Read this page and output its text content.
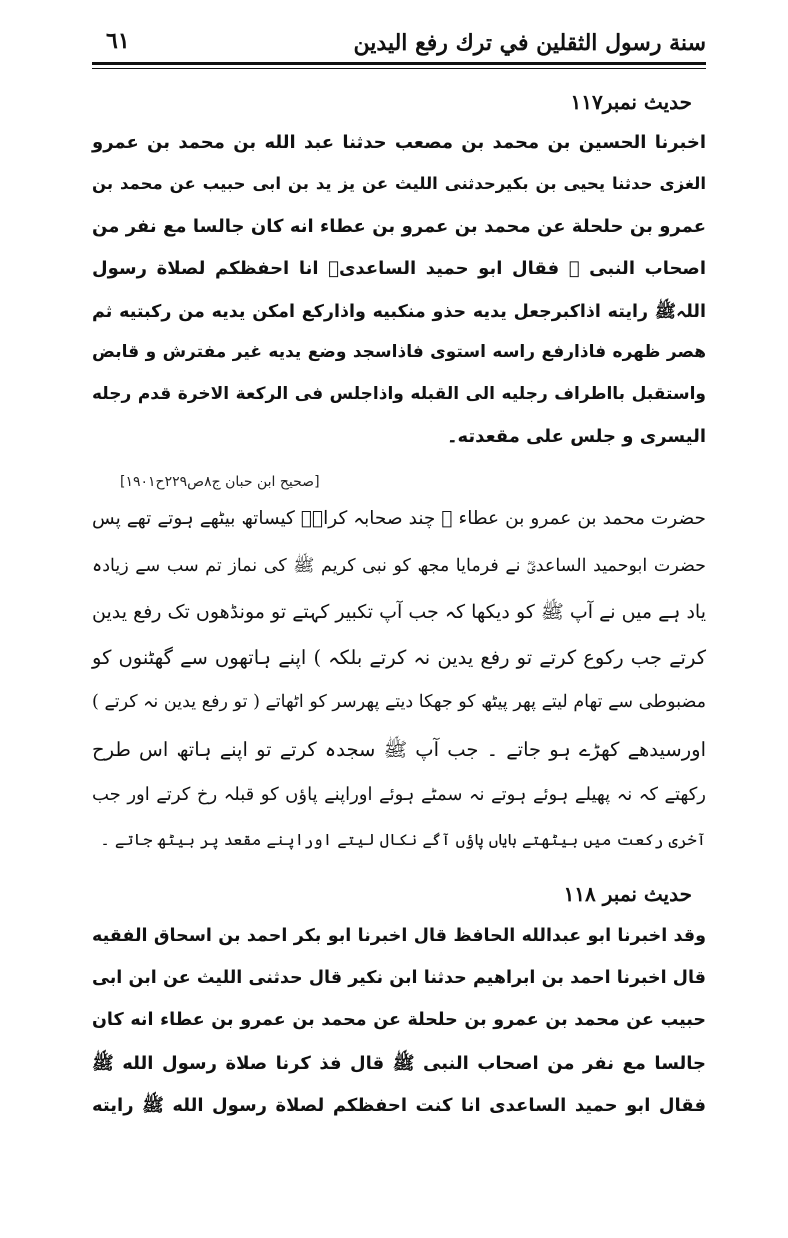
سنة رسول الثقلين في ترك رفع اليدين
٦١
حدیث نمبر۱۱۷
اخبرنا الحسين بن محمد بن مصعب حدثنا عبد الله بن محمد بن عمرو
الغزی حدثنا یحیی بن بکیرحدثنی اللیث عن یز ید بن ابی حبیب عن محمد بن
عمرو بن حلحلة عن محمد بن عمرو بن عطاء انه كان جالسا مع نفر من
اصحاب النبی ﷺ فقال ابو حمید الساعدیؓ انا احفظکم لصلاة رسول
اللہﷺ رایته اذاکبرجعل یدیه حذو منکبیه واذارکع امکن یدیه من رکبتیه ثم
هصر ظهره فاذارفع راسه استوی فاذاسجد وضع یدیه غیر مفترش و قابض
واستقبل بااطراف رجلیه الی القبله واذاجلس فی الرکعة الاخرة قدم رجله
الیسری و جلس علی مقعدته۔
[صحیح ابن حبان ج۸ص۲۲۹ح۱۹۰۱]
حضرت محمد بن عمرو بن عطاء ؒ چند صحابہ کرامؓ کیساتھ بیٹھے ہوتے تھے پس
حضرت ابوحمید الساعدیؓ نے فرمایا مجھ کو نبی کریم ﷺ کی نماز تم سب سے زیادہ
یاد ہے میں نے آپ ﷺ کو دیکھا کہ جب آپ تکبیر کہتے تو مونڈھوں تک رفع یدین
کرتے جب رکوع کرتے تو رفع یدین نہ کرتے بلکہ ) اپنے ہاتھوں سے گھٹنوں کو
مضبوطی سے تھام لیتے پھر پیٹھ کو جھکا دیتے پھرسر کو اٹھاتے ( تو رفع یدین نہ کرتے )
اورسیدھے کھڑے ہو جاتے ۔ جب آپ ﷺ سجدہ کرتے تو اپنے ہاتھ اس طرح
رکھتے کہ نہ پھیلے ہوئے ہوتے نہ سمٹے ہوئے اوراپنے پاؤں کو قبلہ رخ کرتے اور جب
آخری رکعت میں بیٹھتے بایاں پاؤں آگے نکال لیتے اوراپنے مقعد پر بیٹھ جاتے ۔
حدیث نمبر ۱۱۸
وقد اخبرنا ابو عبدالله الحافظ قال اخبرنا ابو بکر احمد بن اسحاق الفقیه
قال اخبرنا احمد بن ابراهیم حدثنا ابن نکیر قال حدثنی اللیث عن ابن ابی
حبیب عن محمد بن عمرو بن حلحلة عن محمد بن عمرو بن عطاء انه کان
جالسا مع نفر من اصحاب النبی ﷺ قال فذ کرنا صلاة رسول الله ﷺ
فقال ابو حمید الساعدی انا کنت احفظکم لصلاة رسول الله ﷺ رایته
